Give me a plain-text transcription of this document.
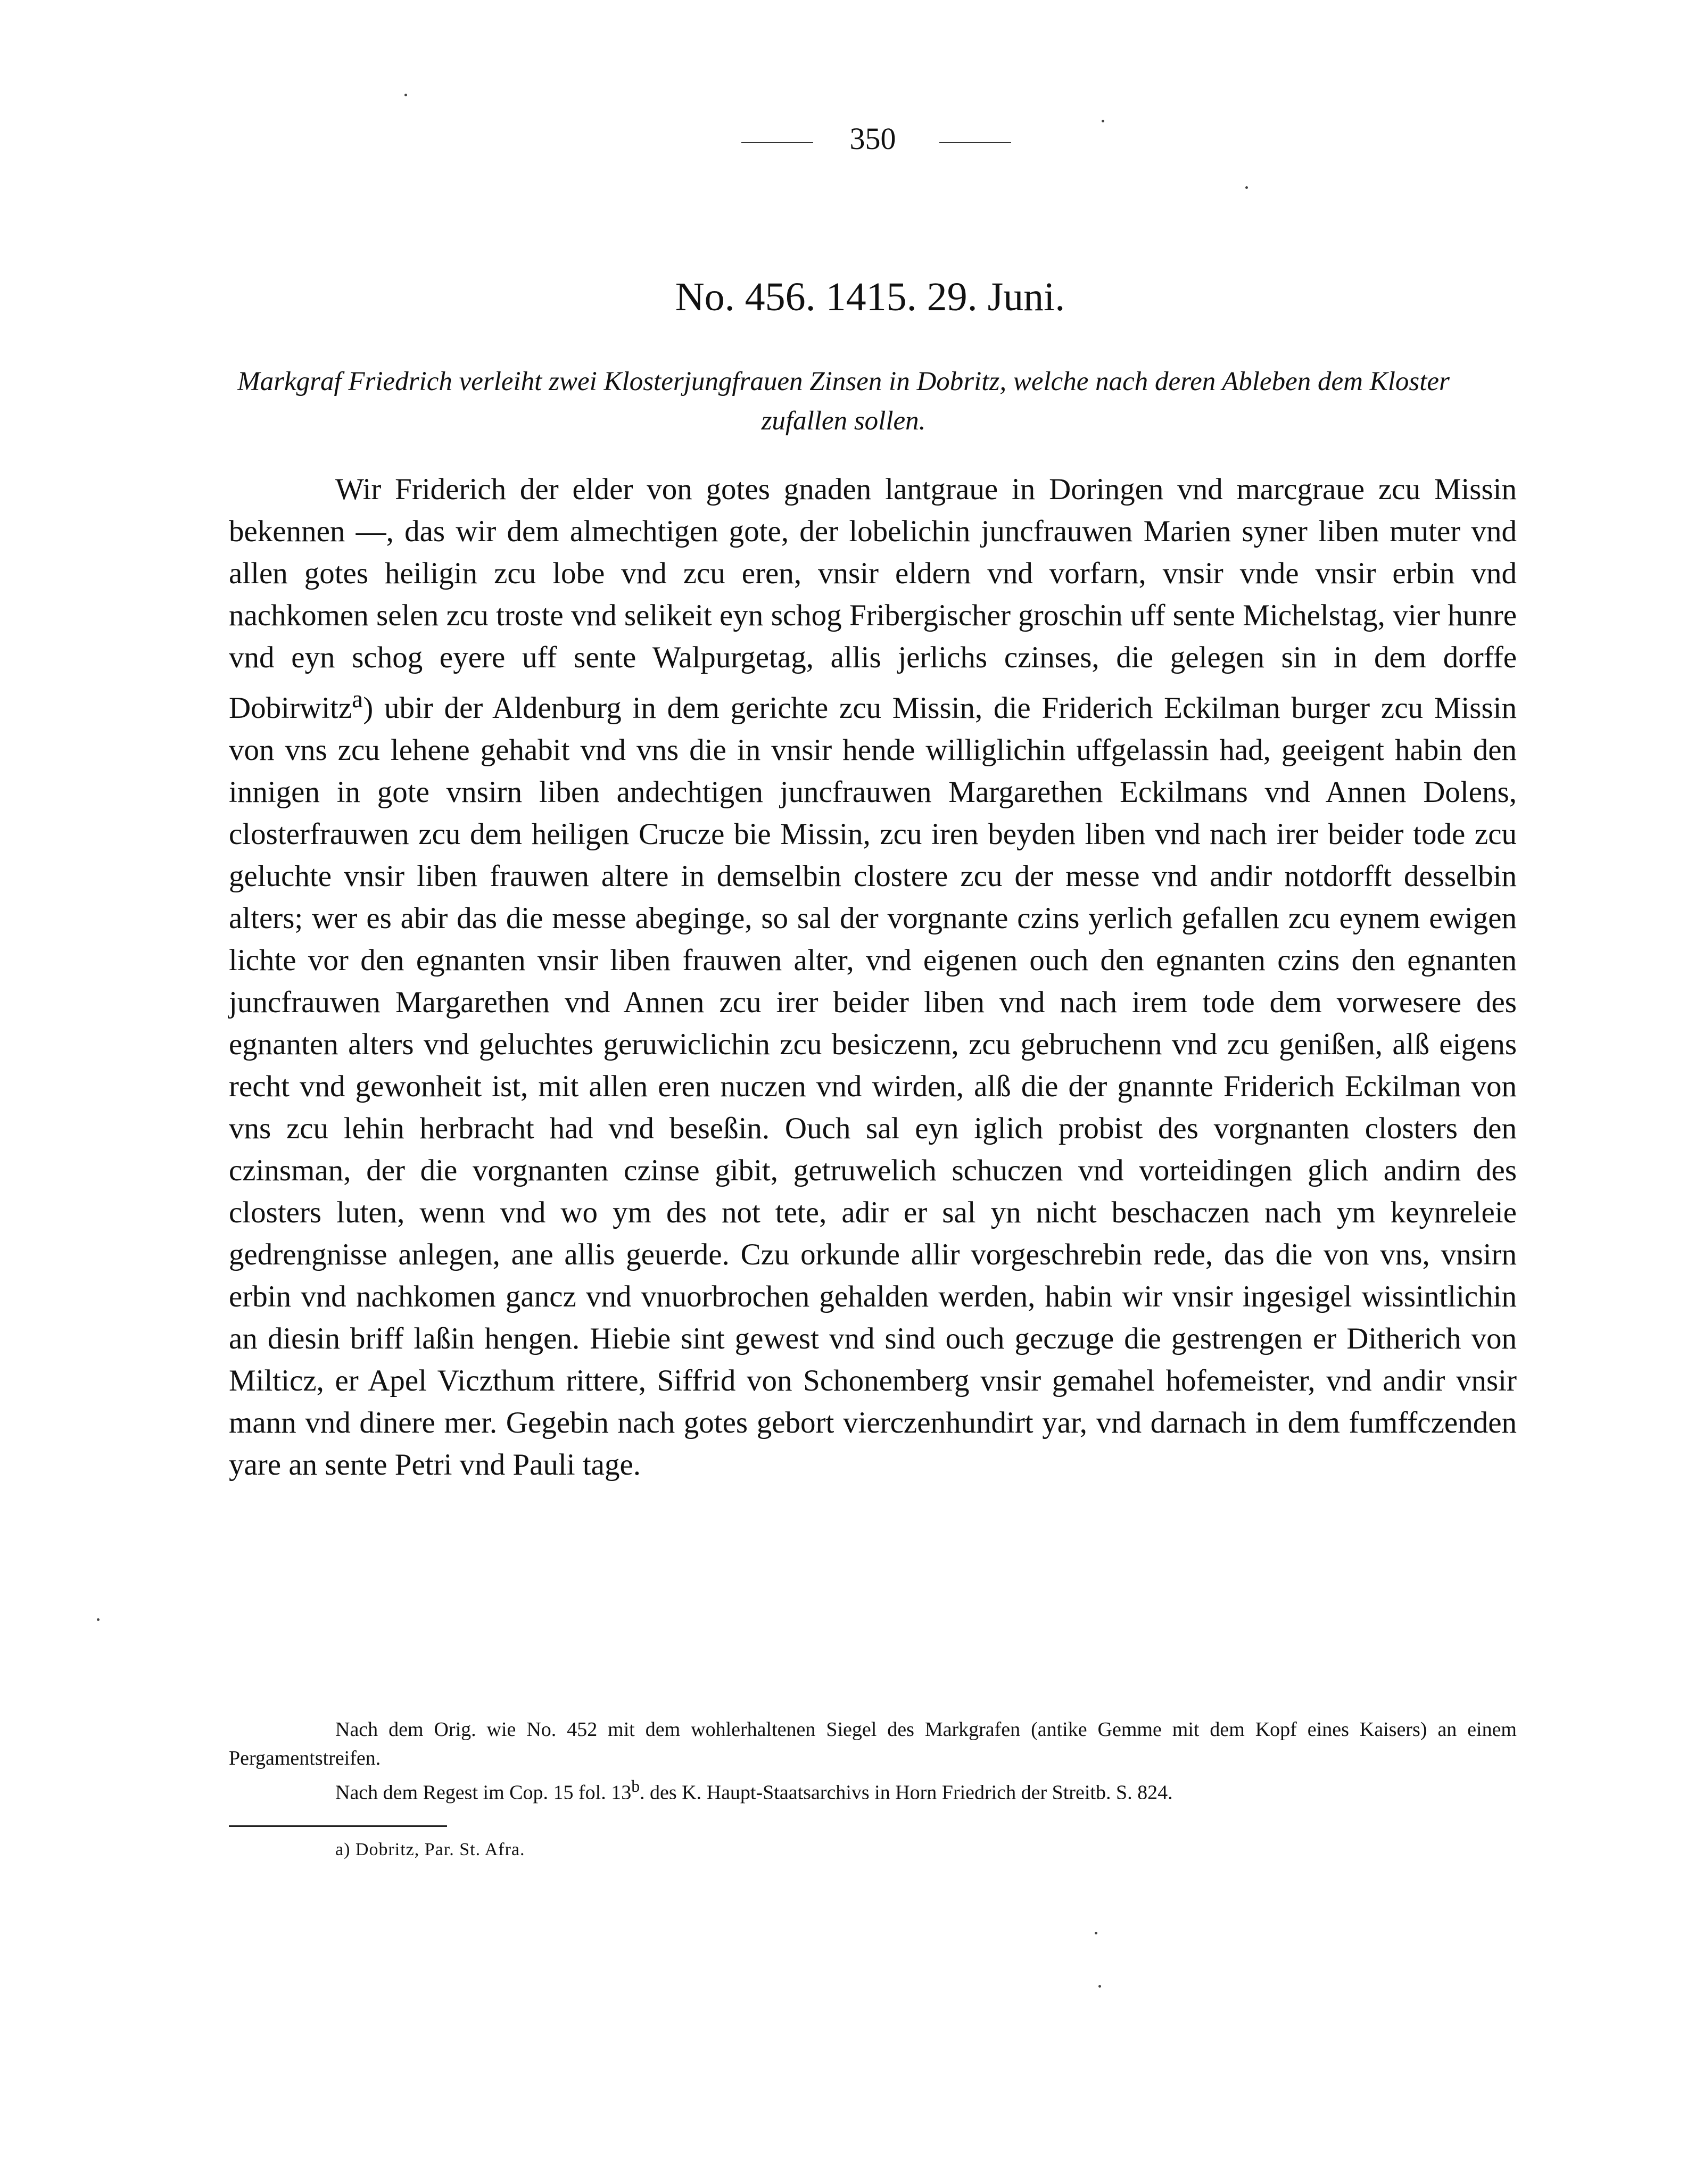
350
No. 456. 1415. 29. Juni.
Markgraf Friedrich verleiht zwei Klosterjungfrauen Zinsen in Dobritz, welche nach deren Ableben dem Kloster zufallen sollen.

Wir Friderich der elder von gotes gnaden lantgraue in Doringen vnd marcgraue zcu Missin bekennen —, das wir dem almechtigen gote, der lobelichin juncfrauwen Marien syner liben muter vnd allen gotes heiligin zcu lobe vnd zcu eren, vnsir eldern vnd vorfarn, vnsir vnde vnsir erbin vnd nachkomen selen zcu troste vnd selikeit eyn schog Fribergischer groschin uff sente Michelstag, vier hunre vnd eyn schog eyere uff sente Walpurgetag, allis jerlichs czinses, die gelegen sin in dem dorffe Dobirwitz$^a$) ubir der Aldenburg in dem gerichte zcu Missin, die Friderich Eckilman burger zcu Missin von vns zcu lehene gehabit vnd vns die in vnsir hende williglichin uffgelassin had, geeigent habin den innigen in gote vnsirn liben andechtigen juncfrauwen Margarethen Eckilmans vnd Annen Dolens, closterfrauwen zcu dem heiligen Crucze bie Missin, zcu iren beyden liben vnd nach irer beider tode zcu geluchte vnsir liben frauwen altere in demselbin clostere zcu der messe vnd andir notdorfft desselbin alters; wer es abir das die messe abeginge, so sal der vorgnante czins yerlich gefallen zcu eynem ewigen lichte vor den egnanten vnsir liben frauwen alter, vnd eigenen ouch den egnanten czins den egnanten juncfrauwen Margarethen vnd Annen zcu irer beider liben vnd nach irem tode dem vorwesere des egnanten alters vnd geluchtes geruwiclichin zcu besiczenn, zcu gebruchenn vnd zcu genißen, alß eigens recht vnd gewonheit ist, mit allen eren nuczen vnd wirden, alß die der gnannte Friderich Eckilman von vns zcu lehin herbracht had vnd beseßin. Ouch sal eyn iglich probist des vorgnanten closters den czinsman, der die vorgnanten czinse gibit, getruwelich schuczen vnd vorteidingen glich andirn des closters luten, wenn vnd wo ym des not tete, adir er sal yn nicht beschaczen nach ym keynreleie gedrengnisse anlegen, ane allis geuerde. Czu orkunde allir vorgeschrebin rede, das die von vns, vnsirn erbin vnd nachkomen gancz vnd vnuorbrochen gehalden werden, habin wir vnsir ingesigel wissintlichin an diesin briff laßin hengen. Hiebie sint gewest vnd sind ouch geczuge die gestrengen er Ditherich von Milticz, er Apel Viczthum rittere, Siffrid von Schonemberg vnsir gemahel hofemeister, vnd andir vnsir mann vnd dinere mer. Gegebin nach gotes gebort vierczenhundirt yar, vnd darnach in dem fumffczenden yare an sente Petri vnd Pauli tage.

Nach dem Orig. wie No. 452 mit dem wohlerhaltenen Siegel des Markgrafen (antike Gemme mit dem Kopf eines Kaisers) an einem Pergamentstreifen.

Nach dem Regest im Cop. 15 fol. 13$^b$. des K. Haupt-Staatsarchivs in Horn Friedrich der Streitb. S. 824.

a) Dobritz, Par. St. Afra.
